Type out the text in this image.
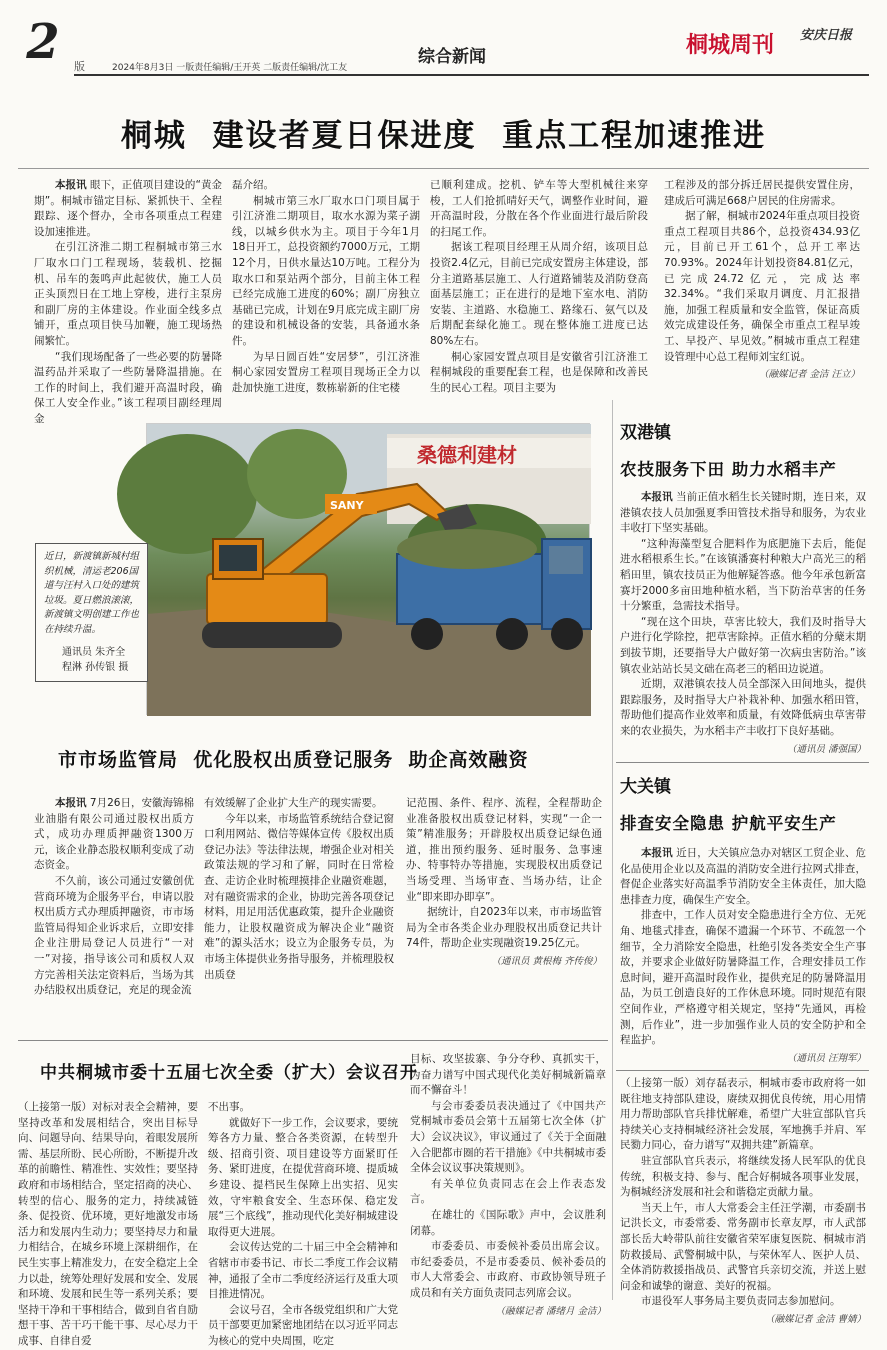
2	版	2024年8月3日 一版责任编辑/王开英 二版责任编辑/沈工友
综合新闻	桐城周刊 安庆日报
桐城  建设者夏日保进度  重点工程加速推进

本报讯 眼下，正值项目建设的“黄金期”。桐城市锚定目标、紧抓快干、全程跟踪、逐个督办，全市各项重点工程建设加速推进。

在引江济淮二期工程桐城市第三水厂取水口门工程现场，装载机、挖掘机、吊车的轰鸣声此起彼伏，施工人员正头顶烈日在工地上穿梭，进行主泵房和副厂房的主体建设。作业面全线多点铺开，重点项目快马加鞭，施工现场热闹繁忙。

“我们现场配备了一些必要的防暑降温药品并采取了一些防暑降温措施。在工作的时间上，我们避开高温时段，确保工人安全作业。”该工程项目副经理周金

磊介绍。

桐城市第三水厂取水口门项目属于引江济淮二期项目，取水水源为菜子湖线，以城乡供水为主。项目于今年1月18日开工，总投资额约7000万元，工期12个月，日供水量达10万吨。工程分为取水口和泵站两个部分，目前主体工程已经完成施工进度的60%；副厂房独立基础已完成，计划在9月底完成主副厂房的建设和机械设备的安装，具备通水条件。

为早日圆百姓“安居梦”，引江济淮桐心家园安置房工程项目现场正全力以赴加快施工进度，数栋崭新的住宅楼

已顺利建成。挖机、铲车等大型机械往来穿梭，工人们抢抓晴好天气，调整作业时间，避开高温时段，分散在各个作业面进行最后阶段的扫尾工作。

据该工程项目经理王从周介绍，该项目总投资2.4亿元，目前已完成安置房主体建设，部分主道路基层施工、人行道路铺装及消防登高面基层施工；正在进行的是地下室水电、消防安装、主道路、水稳施工、路缘石、氨气以及后期配套绿化施工。现在整体施工进度已达80%左右。

桐心家园安置点项目是安徽省引江济淮工程桐城段的重要配套工程，也是保障和改善民生的民心工程。项目主要为

工程涉及的部分拆迁居民提供安置住房，建成后可满足668户居民的住房需求。

据了解，桐城市2024年重点项目投资重点工程项目共86个，总投资434.93亿元，目前已开工61个，总开工率达70.93%。2024年计划投资84.81亿元，已完成24.72亿元，完成达率32.34%。“我们采取月调度、月汇报措施，加强工程质量和安全监管，保证高质效完成建设任务，确保全市重点工程早竣工、早投产、早见效。”桐城市重点工程建设管理中心总工程师刘宝红说。

（融媒记者 金洁 汪立）
桑德利建材
SANY
近日，新渡镇新城村组织机械，清运老206国道与汪村入口处的建筑垃圾。夏日燃浪滚滚，新渡镇文明创建工作也在持续升温。
通讯员 朱齐全
程淋 孙传银 摄
市市场监管局  优化股权出质登记服务  助企高效融资

本报讯 7月26日，安徽海锦棉业油脂有限公司通过股权出质方式，成功办理质押融资1300万元，该企业静态股权顺利变成了动态资金。

不久前，该公司通过安徽创优营商环境为企服务平台，申请以股权出质方式办理质押融资，市市场监管局得知企业诉求后，立即安排企业注册局登记人员进行“一对一”对接，指导该公司和质权人双方完善相关法定资料后，当场为其办结股权出质登记，充足的现金流

有效缓解了企业扩大生产的现实需要。

今年以来，市场监管系统结合登记窗口利用网站、微信等媒体宣传《股权出质登记办法》等法律法规，增强企业对相关政策法规的学习和了解，同时在日常检查、走访企业时梳理摸排企业融资难题，对有融资需求的企业，协助完善各项登记材料，用足用活优惠政策，提升企业融资能力，让股权融资成为解决企业“融资难”的源头活水；设立为企服务专员，为市场主体提供业务指导服务，并梳理股权出质登

记范围、条件、程序、流程，全程帮助企业准备股权出质登记材料，实现“一企一策”精准服务；开辟股权出质登记绿色通道，推出预约服务、延时服务、急事速办、特事特办等措施，实现股权出质登记当场受理、当场审查、当场办结，让企业“即来即办即享”。

据统计，自2023年以来，市市场监管局为全市各类企业办理股权出质登记共计74件，帮助企业实现融资19.25亿元。

（通讯员 黄根梅 齐传俊）
中共桐城市委十五届七次全委（扩大）会议召开

（上接第一版）对标对表全会精神，要坚持改革和发展相结合，突出目标导向、问题导向、结果导向，着眼发展所需、基层所盼、民心所盼，不断提升改革的前瞻性、精准性、实效性；要坚持政府和市场相结合，坚定招商的决心、转型的信心、服务的定力，持续减链条、促投资、优环境，更好地激发市场活力和发展内生动力；要坚持尽力和量力相结合，在城乡环境上深耕细作，在民生实事上精准发力，在安全稳定上全力以赴，统筹处理好发展和安全、发展和环境、发展和民生等一系列关系；要坚持干净和干事相结合，做到自省自励想干事、苦干巧干能干事、尽心尽力干成事、自律自爱

不出事。

就做好下一步工作，会议要求，要统筹各方力量、整合各类资源，在转型升级、招商引资、项目建设等方面紧盯任务、紧盯进度，在提优营商环境、提质城乡建设、提档民生保障上出实招、见实效，守牢粮食安全、生态环保、稳定发展“三个底线”，推动现代化美好桐城建设取得更大进展。

会议传达党的二十届三中全会精神和省辖市市委书记、市长二季度工作会议精神，通报了全市二季度经济运行及重大项目推进情况。

会议号召，全市各级党组织和广大党员干部要更加紧密地团结在以习近平同志为核心的党中央周围，吃定

目标、攻坚拔寨、争分夺秒、真抓实干，为奋力谱写中国式现代化美好桐城新篇章而不懈奋斗！

与会市委委员表决通过了《中国共产党桐城市委员会第十五届第七次全体（扩大）会议决议》，审议通过了《关于全面融入合肥都市圈的若干措施》《中共桐城市委全体会议议事决策规则》。

有关单位负责同志在会上作表态发言。

在雄壮的《国际歌》声中，会议胜利闭幕。

市委委员、市委候补委员出席会议。市纪委委员，不是市委委员、候补委员的市人大常委会、市政府、市政协领导班子成员和有关方面负责同志列席会议。

（融媒记者 潘绪月 金洁）
双港镇
农技服务下田 助力水稻丰产

本报讯 当前正值水稻生长关键时期，连日来，双港镇农技人员加强夏季田管技术指导和服务，为农业丰收打下坚实基础。

“这种海藻型复合肥料作为底肥施下去后，能促进水稻根系生长。”在该镇潘赛村种粮大户高光三的稻稻田里，镇农技员正为他解疑答惑。他今年承包新富赛圩2000多亩田地种植水稻，当下防治草害的任务十分繁重，急需技术指导。

“现在这个田块，草害比较大，我们及时指导大户进行化学除控，把草害除掉。正值水稻的分蘖末期到拔节期，还要指导大户做好第一次病虫害防治。”该镇农业站站长吴文础在高老三的稻田边说道。

近期，双港镇农技人员全部深入田间地头，提供跟踪服务，及时指导大户补栽补种、加强水稻田管，帮助他们提高作业效率和质量，有效降低病虫草害带来的农业损失，为水稻丰产丰收打下良好基础。

（通讯员 潘强国）
大关镇
排查安全隐患 护航平安生产

本报讯 近日，大关镇应急办对辖区工贸企业、危化品使用企业以及高温的消防安全进行拉网式排查，督促企业落实好高温季节消防安全主体责任，加大隐患排查力度，确保生产安全。

排查中，工作人员对安全隐患进行全方位、无死角、地毯式排查，确保不遗漏一个环节、不疏忽一个细节，全力消除安全隐患，杜绝引发各类安全生产事故，并要求企业做好防暑降温工作，合理安排员工作息时间，避开高温时段作业，提供充足的防暑降温用品，为员工创造良好的工作休息环境。同时规范有限空间作业，严格遵守相关规定，坚持“先通风，再检测，后作业”，进一步加强作业人员的安全防护和全程监护。

（通讯员 汪翔军）

（上接第一版）刘存磊表示，桐城市委市政府将一如既往地支持部队建设，赓续双拥优良传统，用心用情用力帮助部队官兵排忧解难，希望广大驻宣部队官兵持续关心支持桐城经济社会发展，军地携手并肩、军民勠力同心，奋力谱写“双拥共建”新篇章。

驻宣部队官兵表示，将继续发扬人民军队的优良传统，积极支持、参与、配合好桐城各项事业发展，为桐城经济发展和社会和谐稳定贡献力量。

当天上午，市人大常委会主任汪学潮，市委副书记洪长文，市委常委、常务副市长章友厚，市人武部部长岳大岭带队前往安徽省荣军康复医院、桐城市消防救援局、武警桐城中队，与荣休军人、医护人员、全体消防救援指战员、武警官兵亲切交流，并送上慰问金和诚挚的谢意、美好的祝福。

市退役军人事务局主要负责同志参加慰问。

（融媒记者 金洁 曹婧）
